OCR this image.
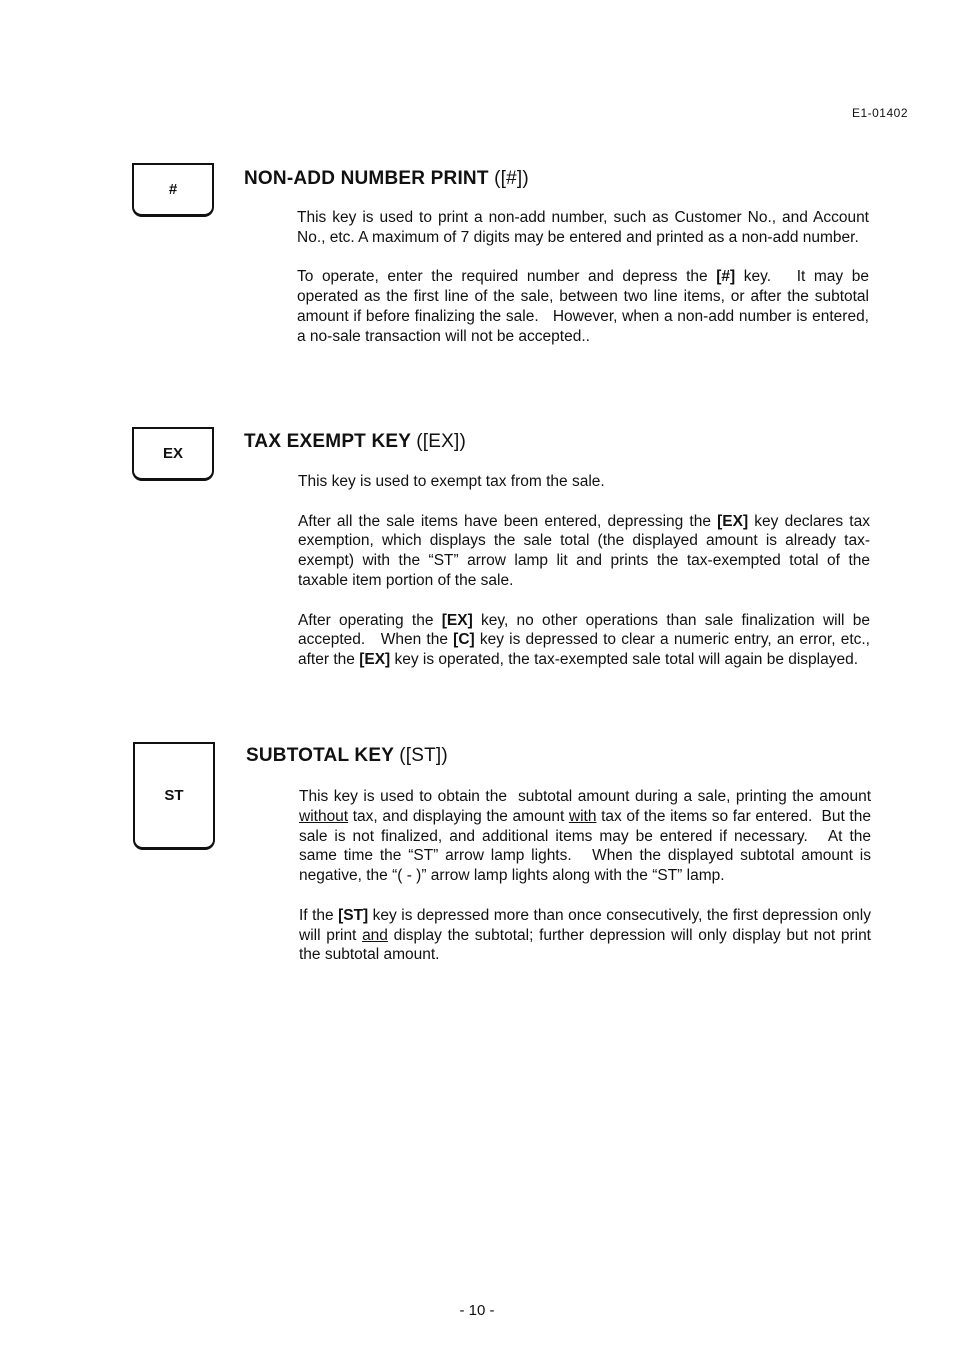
E1-01402
#
NON-ADD NUMBER PRINT ([#])

This key is used to print a non-add number, such as Customer No., and Account No., etc. A maximum of 7 digits may be entered and printed as a non-add number.

To operate, enter the required number and depress the [#] key.   It may be operated as the first line of the sale, between two line items, or after the subtotal amount if before finalizing the sale.   However, when a non-add number is entered, a no-sale transaction will not be accepted..

EX
TAX EXEMPT KEY ([EX])

This key is used to exempt tax from the sale.

After all the sale items have been entered, depressing the [EX] key declares tax exemption, which displays the sale total (the displayed amount is already tax-exempt) with the “ST” arrow lamp lit and prints the tax-exempted total of the taxable item portion of the sale.

After operating the [EX] key, no other operations than sale finalization will be accepted.   When the [C] key is depressed to clear a numeric entry, an error, etc., after the [EX] key is operated, the tax-exempted sale total will again be displayed.

ST
SUBTOTAL KEY ([ST])

This key is used to obtain the  subtotal amount during a sale, printing the amount without tax, and displaying the amount with tax of the items so far entered.  But the sale is not finalized, and additional items may be entered if necessary.   At the same time the “ST” arrow lamp lights.   When the displayed subtotal amount is negative, the “( - )” arrow lamp lights along with the “ST” lamp.

If the [ST] key is depressed more than once consecutively, the first depression only will print and display the subtotal; further depression will only display but not print the subtotal amount.

- 10 -
